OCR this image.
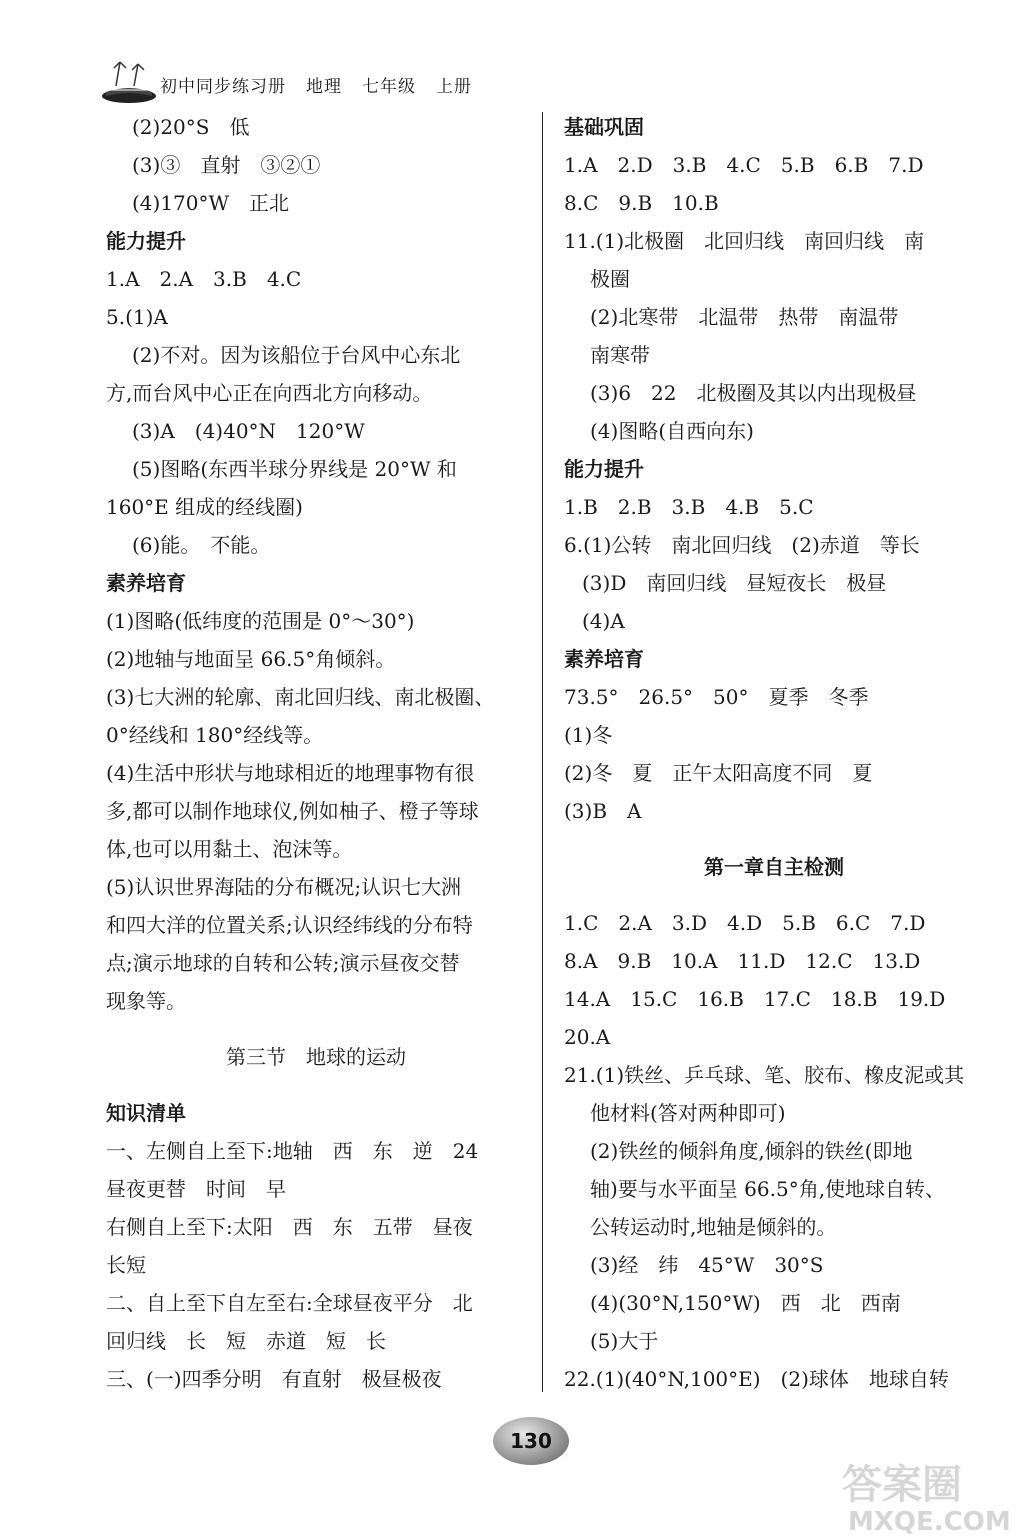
初中同步练习册 地理 七年级 上册
(2)20°S　低
(3)③　直射　③②①
(4)170°W　正北
能力提升
1.A　2.A　3.B　4.C
5.(1)A
(2)不对。因为该船位于台风中心东北
方,而台风中心正在向西北方向移动。
(3)A　(4)40°N　120°W
(5)图略(东西半球分界线是 20°W 和
160°E 组成的经线圈)
(6)能。　不能。
素养培育
(1)图略(低纬度的范围是 0°～30°)
(2)地轴与地面呈 66.5°角倾斜。
(3)七大洲的轮廓、南北回归线、南北极圈、
0°经线和 180°经线等。
(4)生活中形状与地球相近的地理事物有很
多,都可以制作地球仪,例如柚子、橙子等球
体,也可以用黏土、泡沫等。
(5)认识世界海陆的分布概况;认识七大洲
和四大洋的位置关系;认识经纬线的分布特
点;演示地球的自转和公转;演示昼夜交替
现象等。
第三节　地球的运动
知识清单
一、左侧自上至下:地轴　西　东　逆　24
昼夜更替　时间　早
右侧自上至下:太阳　西　东　五带　昼夜
长短
二、自上至下自左至右:全球昼夜平分　北
回归线　长　短　赤道　短　长
三、(一)四季分明　有直射　极昼极夜
基础巩固
1.A　2.D　3.B　4.C　5.B　6.B　7.D
8.C　9.B　10.B
11.(1)北极圈　北回归线　南回归线　南
极圈
(2)北寒带　北温带　热带　南温带
南寒带
(3)6　22　北极圈及其以内出现极昼
(4)图略(自西向东)
能力提升
1.B　2.B　3.B　4.B　5.C
6.(1)公转　南北回归线　(2)赤道　等长
(3)D　南回归线　昼短夜长　极昼
(4)A
素养培育
73.5°　26.5°　50°　夏季　冬季
(1)冬
(2)冬　夏　正午太阳高度不同　夏
(3)B　A
第一章自主检测
1.C　2.A　3.D　4.D　5.B　6.C　7.D
8.A　9.B　10.A　11.D　12.C　13.D
14.A　15.C　16.B　17.C　18.B　19.D
20.A
21.(1)铁丝、乒乓球、笔、胶布、橡皮泥或其
他材料(答对两种即可)
(2)铁丝的倾斜角度,倾斜的铁丝(即地
轴)要与水平面呈 66.5°角,使地球自转、
公转运动时,地轴是倾斜的。
(3)经　纬　45°W　30°S
(4)(30°N,150°W)　西　北　西南
(5)大于
22.(1)(40°N,100°E)　(2)球体　地球自转
130
答案圈
MXQE.COM
